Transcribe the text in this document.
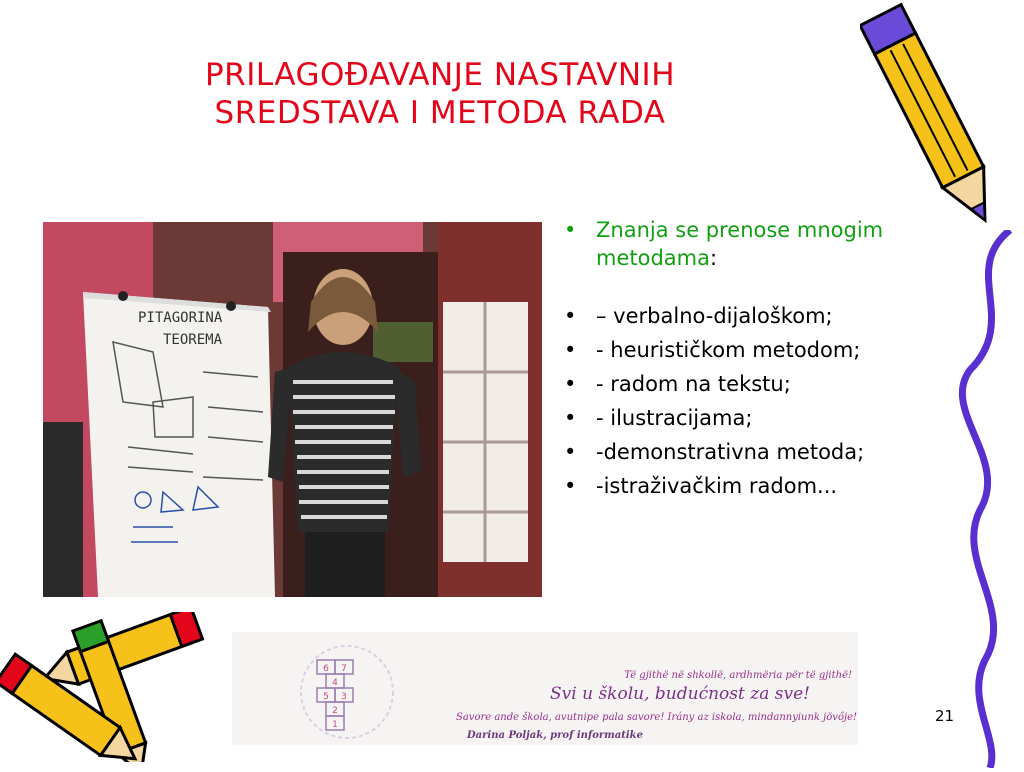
PRILAGOĐAVANJE NASTAVNIH
SREDSTAVA I METODA RADA
PITAGORINA
TEOREMA
• Znanja se prenose mnogim metodama:
• – verbalno-dijaloškom;
• - heurističkom metodom;
• - radom na tekstu;
• - ilustracijama;
• -demonstrativna metoda;
• -istraživačkim radom...
6 7
4
5 3
2
1
Të gjithë në shkollë, ardhmëria për të gjithë!
Svi u školu, budućnost za sve!
Savore ande škola, avutnipe pala savore! Irány az iskola, mindannyiunk jövője!
Darina Poljak, prof informatike
21
